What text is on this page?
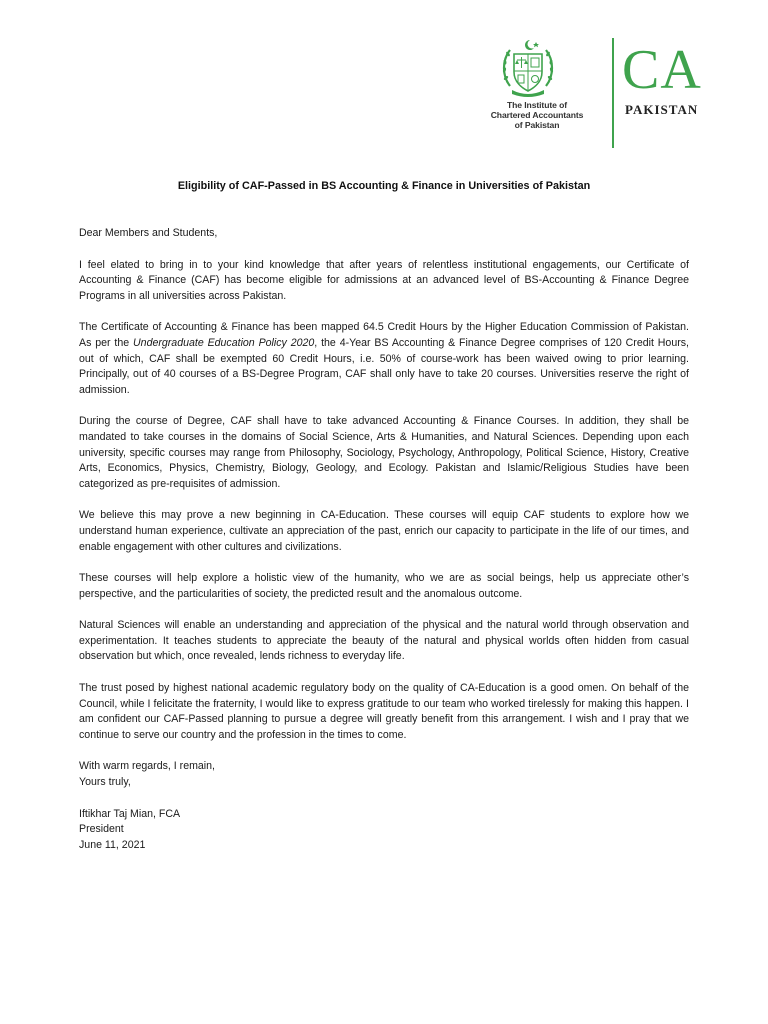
The Institute of
Chartered Accountants
of Pakistan
CA
PAKISTAN
Eligibility of CAF-Passed in BS Accounting & Finance in Universities of Pakistan

Dear Members and Students,

I feel elated to bring in to your kind knowledge that after years of relentless institutional engagements, our Certificate of Accounting & Finance (CAF) has become eligible for admissions at an advanced level of BS-Accounting & Finance Degree Programs in all universities across Pakistan.

The Certificate of Accounting & Finance has been mapped 64.5 Credit Hours by the Higher Education Commission of Pakistan. As per the Undergraduate Education Policy 2020, the 4-Year BS Accounting & Finance Degree comprises of 120 Credit Hours, out of which, CAF shall be exempted 60 Credit Hours, i.e. 50% of course-work has been waived owing to prior learning. Principally, out of 40 courses of a BS-Degree Program, CAF shall only have to take 20 courses. Universities reserve the right of admission.

During the course of Degree, CAF shall have to take advanced Accounting & Finance Courses. In addition, they shall be mandated to take courses in the domains of Social Science, Arts & Humanities, and Natural Sciences. Depending upon each university, specific courses may range from Philosophy, Sociology, Psychology, Anthropology, Political Science, History, Creative Arts, Economics, Physics, Chemistry, Biology, Geology, and Ecology. Pakistan and Islamic/Religious Studies have been categorized as pre-requisites of admission.

We believe this may prove a new beginning in CA-Education. These courses will equip CAF students to explore how we understand human experience, cultivate an appreciation of the past, enrich our capacity to participate in the life of our times, and enable engagement with other cultures and civilizations.

These courses will help explore a holistic view of the humanity, who we are as social beings, help us appreciate other’s perspective, and the particularities of society, the predicted result and the anomalous outcome.

Natural Sciences will enable an understanding and appreciation of the physical and the natural world through observation and experimentation. It teaches students to appreciate the beauty of the natural and physical worlds often hidden from casual observation but which, once revealed, lends richness to everyday life.

The trust posed by highest national academic regulatory body on the quality of CA-Education is a good omen. On behalf of the Council, while I felicitate the fraternity, I would like to express gratitude to our team who worked tirelessly for making this happen. I am confident our CAF-Passed planning to pursue a degree will greatly benefit from this arrangement. I wish and I pray that we continue to serve our country and the profession in the times to come.

With warm regards, I remain,
Yours truly,
Iftikhar Taj Mian, FCA
President
June 11, 2021
